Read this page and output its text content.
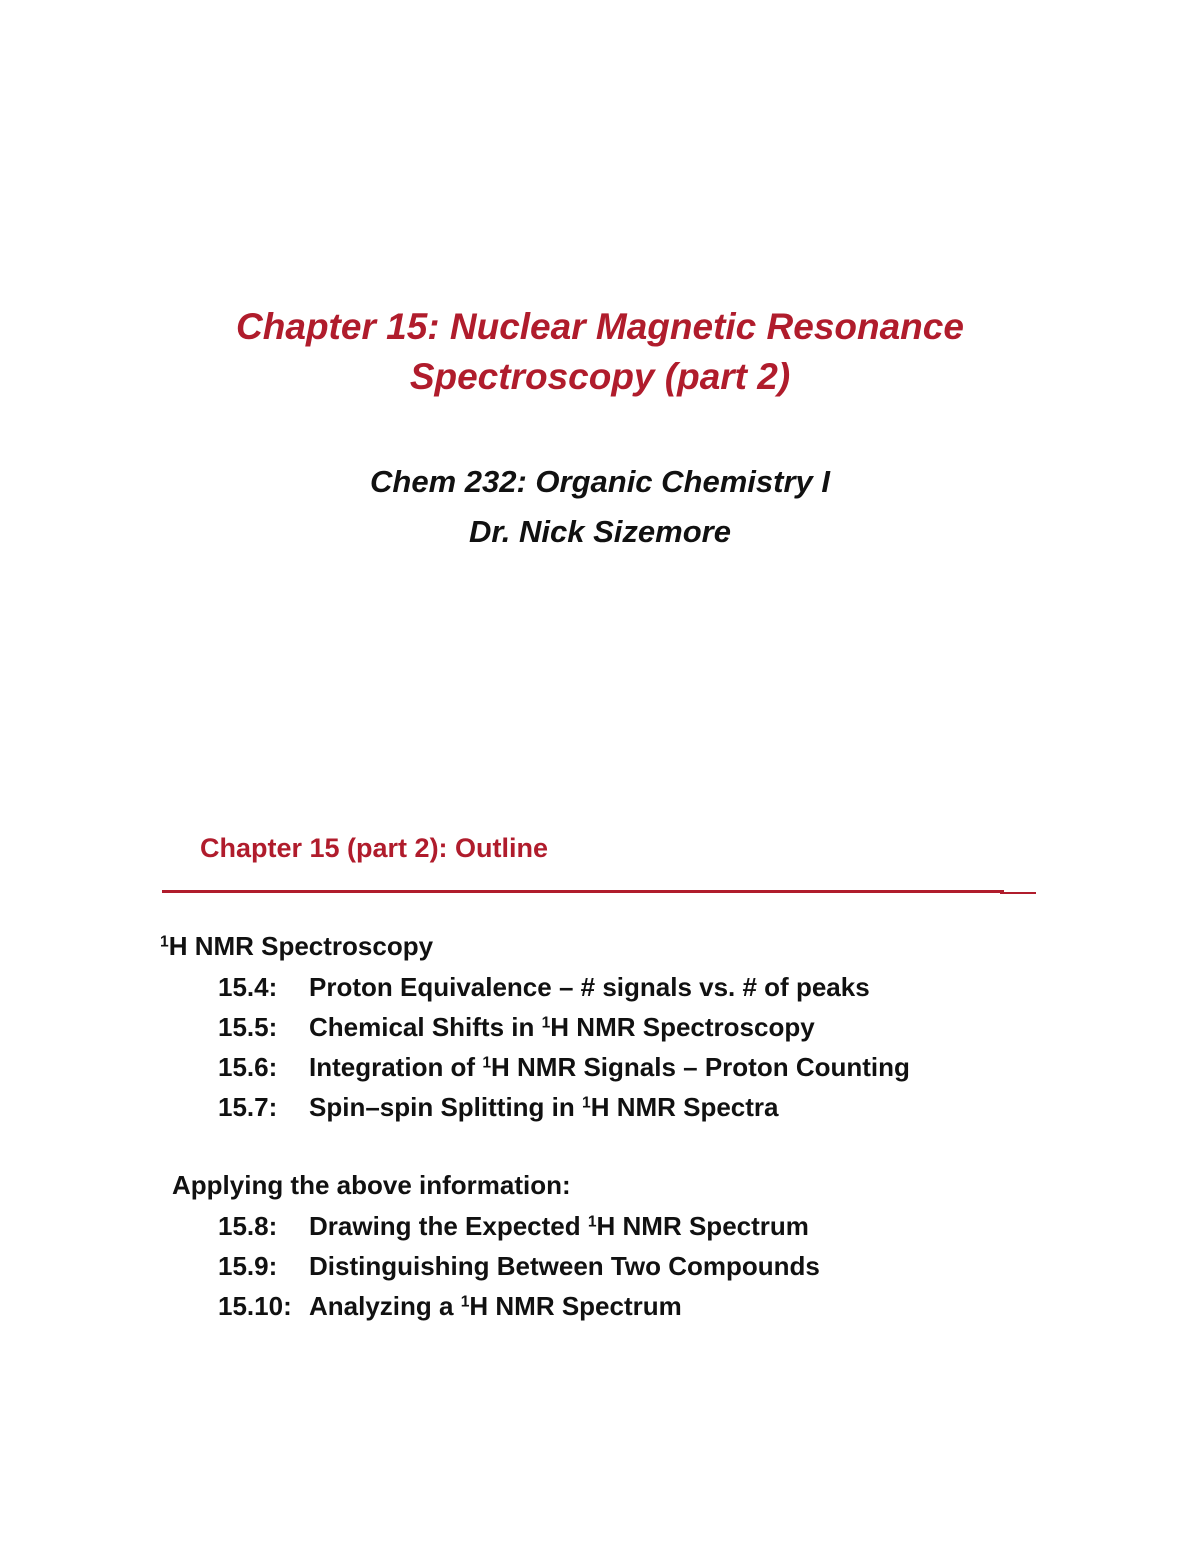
Chapter 15: Nuclear Magnetic Resonance
Spectroscopy (part 2)
Chem 232: Organic Chemistry I
Dr. Nick Sizemore
Chapter 15 (part 2): Outline
$^1$H NMR Spectroscopy
15.4: Proton Equivalence – # signals vs. # of peaks
15.5: Chemical Shifts in $^1$H NMR Spectroscopy
15.6: Integration of $^1$H NMR Signals – Proton Counting
15.7: Spin–spin Splitting in $^1$H NMR Spectra
Applying the above information:
15.8: Drawing the Expected $^1$H NMR Spectrum
15.9: Distinguishing Between Two Compounds
15.10: Analyzing a $^1$H NMR Spectrum
